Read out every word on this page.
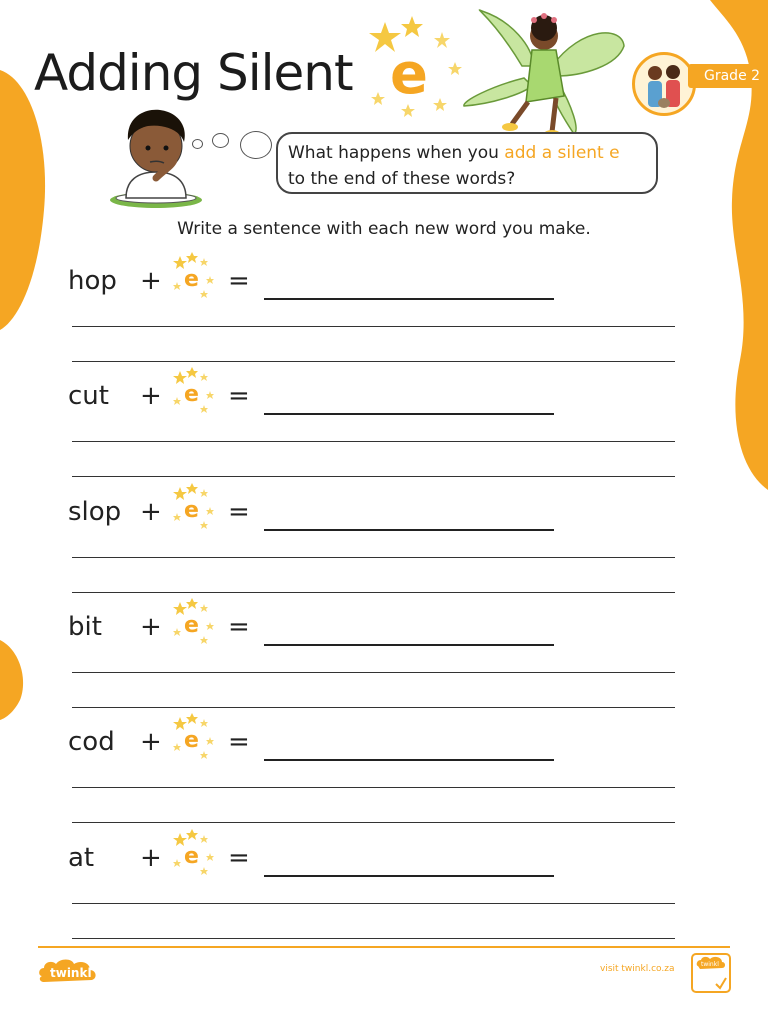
Adding Silent e	Grade 2
What happens when you add a silent e
to the end of these words?
Write a sentence with each new word you make.
hop + e =
cut + e =
slop + e =
bit + e =
cod + e =
at + e =
twinkl	visit twinkl.co.za	twinkl
